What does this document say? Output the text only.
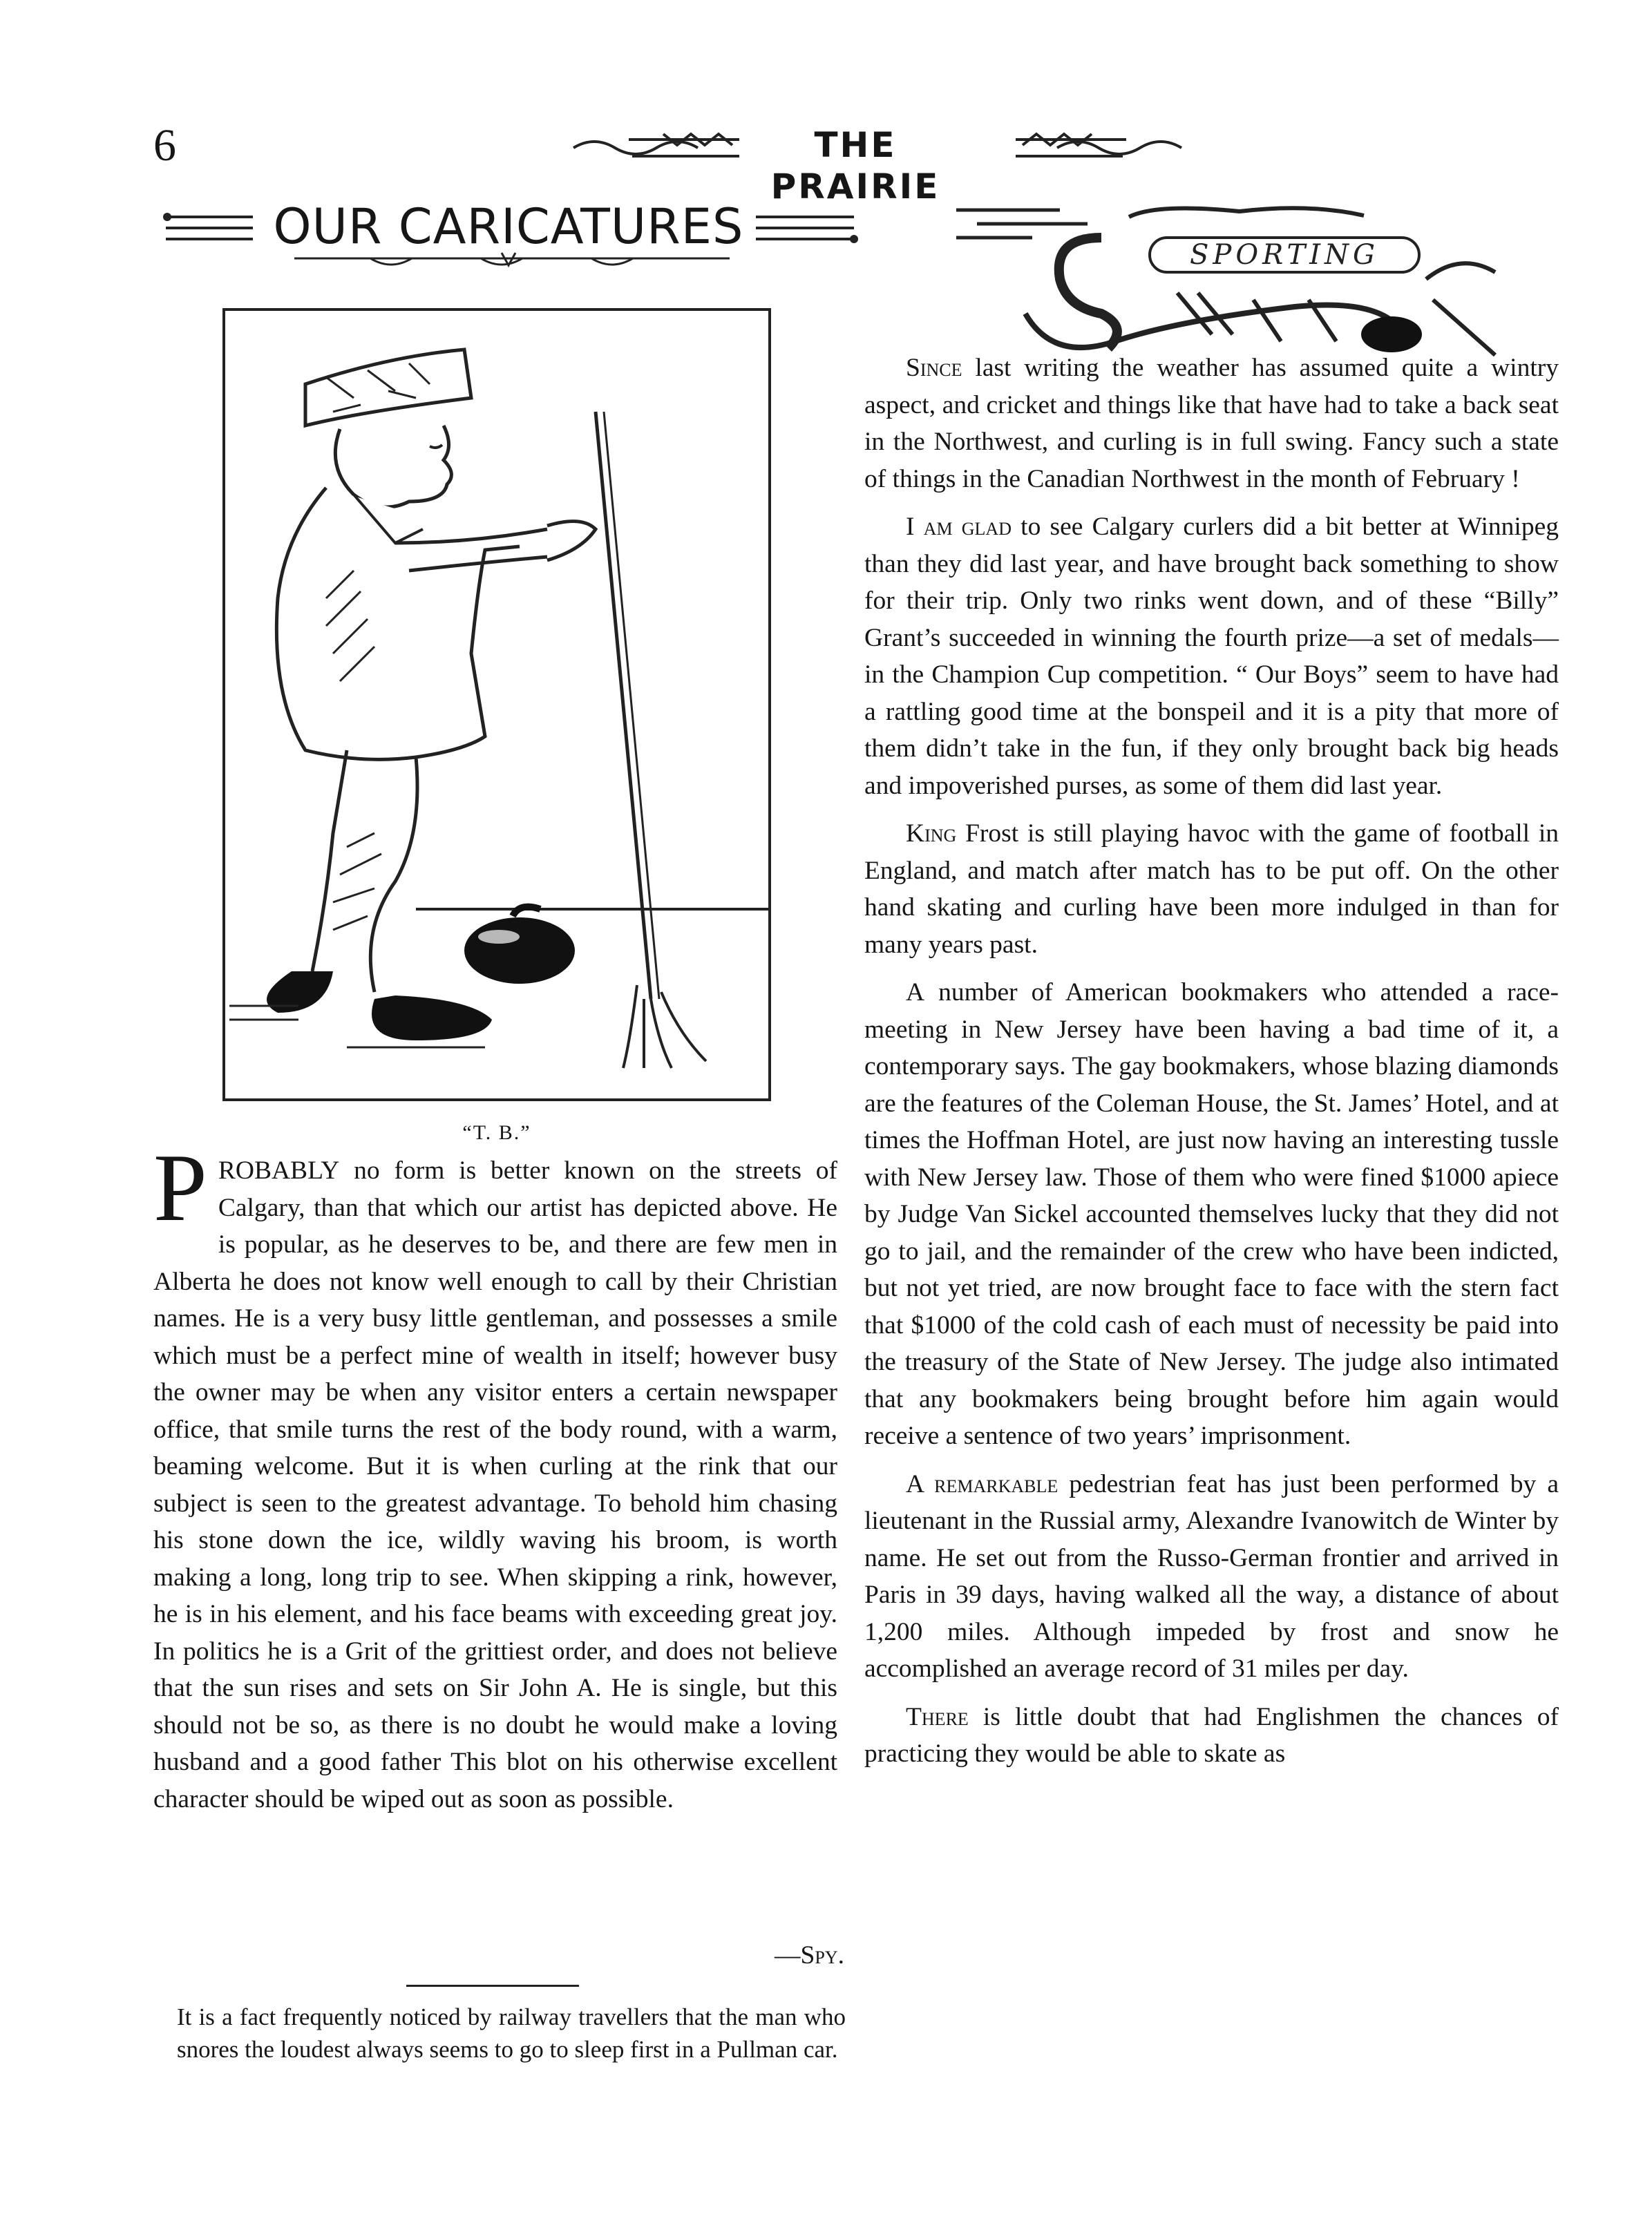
6	THE PRAIRIE
OUR CARICATURES
“T. B.”

PROBABLY no form is better known on the streets of Calgary, than that which our artist has depicted above. He is popular, as he deserves to be, and there are few men in Alberta he does not know well enough to call by their Christian names. He is a very busy little gentleman, and possesses a smile which must be a perfect mine of wealth in itself; however busy the owner may be when any visitor enters a certain newspaper office, that smile turns the rest of the body round, with a warm, beaming welcome. But it is when curling at the rink that our subject is seen to the greatest advantage. To behold him chasing his stone down the ice, wildly waving his broom, is worth making a long, long trip to see. When skipping a rink, however, he is in his element, and his face beams with exceeding great joy. In politics he is a Grit of the grittiest order, and does not believe that the sun rises and sets on Sir John A. He is single, but this should not be so, as there is no doubt he would make a loving husband and a good father This blot on his otherwise excellent character should be wiped out as soon as possible.

—Spy.
It is a fact frequently noticed by railway travellers that the man who snores the loudest always seems to go to sleep first in a Pullman car.
SPORTING

Since last writing the weather has assumed quite a wintry aspect, and cricket and things like that have had to take a back seat in the Northwest, and curling is in full swing. Fancy such a state of things in the Canadian Northwest in the month of February !

I am glad to see Calgary curlers did a bit better at Winnipeg than they did last year, and have brought back something to show for their trip. Only two rinks went down, and of these “Billy” Grant’s succeeded in winning the fourth prize—a set of medals—in the Champion Cup competition. “ Our Boys” seem to have had a rattling good time at the bonspeil and it is a pity that more of them didn’t take in the fun, if they only brought back big heads and impoverished purses, as some of them did last year.

King Frost is still playing havoc with the game of football in England, and match after match has to be put off. On the other hand skating and curling have been more indulged in than for many years past.

A number of American bookmakers who attended a race-meeting in New Jersey have been having a bad time of it, a contemporary says. The gay bookmakers, whose blazing diamonds are the features of the Coleman House, the St. James’ Hotel, and at times the Hoffman Hotel, are just now having an interesting tussle with New Jersey law. Those of them who were fined $1000 apiece by Judge Van Sickel accounted themselves lucky that they did not go to jail, and the remainder of the crew who have been indicted, but not yet tried, are now brought face to face with the stern fact that $1000 of the cold cash of each must of necessity be paid into the treasury of the State of New Jersey. The judge also intimated that any bookmakers being brought before him again would receive a sentence of two years’ imprisonment.

A remarkable pedestrian feat has just been performed by a lieutenant in the Russial army, Alexandre Ivanowitch de Winter by name. He set out from the Russo-German frontier and arrived in Paris in 39 days, having walked all the way, a distance of about 1,200 miles. Although impeded by frost and snow he accomplished an average record of 31 miles per day.

There is little doubt that had Englishmen the chances of practicing they would be able to skate as
